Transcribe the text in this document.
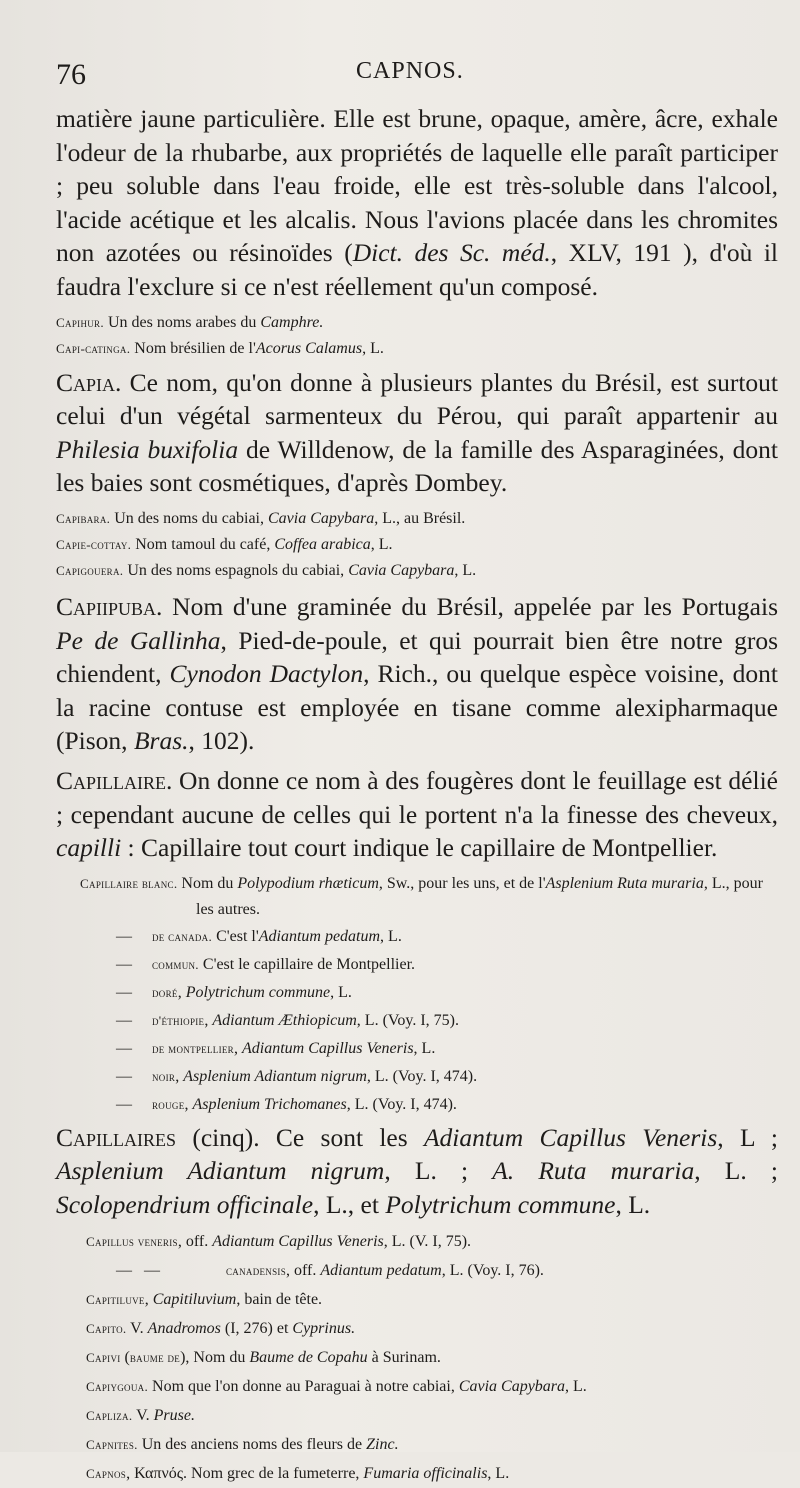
76	CAPNOS.

matière jaune particulière. Elle est brune, opaque, amère, âcre, exhale l'odeur de la rhubarbe, aux propriétés de laquelle elle paraît participer ; peu soluble dans l'eau froide, elle est très-soluble dans l'alcool, l'acide acétique et les alcalis. Nous l'avions placée dans les chromites non azotées ou résinoïdes (Dict. des Sc. méd., XLV, 191 ), d'où il faudra l'exclure si ce n'est réellement qu'un composé.

Capihur. Un des noms arabes du Camphre.

Capi-catinga. Nom brésilien de l'Acorus Calamus, L.

Capia. Ce nom, qu'on donne à plusieurs plantes du Brésil, est surtout celui d'un végétal sarmenteux du Pérou, qui paraît appartenir au Philesia buxifolia de Willdenow, de la famille des Asparaginées, dont les baies sont cosmétiques, d'après Dombey.

Capibara. Un des noms du cabiai, Cavia Capybara, L., au Brésil.

Capie-cottay. Nom tamoul du café, Coffea arabica, L.

Capigouera. Un des noms espagnols du cabiai, Cavia Capybara, L.

Capiipuba. Nom d'une graminée du Brésil, appelée par les Portugais Pe de Gallinha, Pied-de-poule, et qui pourrait bien être notre gros chiendent, Cynodon Dactylon, Rich., ou quelque espèce voisine, dont la racine contuse est employée en tisane comme alexipharmaque (Pison, Bras., 102).

Capillaire. On donne ce nom à des fougères dont le feuillage est délié ; cependant aucune de celles qui le portent n'a la finesse des cheveux, capilli : Capillaire tout court indique le capillaire de Montpellier.

Capillaire blanc. Nom du Polypodium rhæticum, Sw., pour les uns, et de l'Asplenium Ruta muraria, L., pour les autres.

— de canada. C'est l'Adiantum pedatum, L.

— commun. C'est le capillaire de Montpellier.

— doré, Polytrichum commune, L.

— d'éthiopie, Adiantum Æthiopicum, L. (Voy. I, 75).

— de montpellier, Adiantum Capillus Veneris, L.

— noir, Asplenium Adiantum nigrum, L. (Voy. I, 474).

— rouge, Asplenium Trichomanes, L. (Voy. I, 474).

Capillaires (cinq). Ce sont les Adiantum Capillus Veneris, L ; Asplenium Adiantum nigrum, L. ; A. Ruta muraria, L. ; Scolopendrium officinale, L., et Polytrichum commune, L.

Capillus veneris, off. Adiantum Capillus Veneris, L. (V. I, 75).

—   —	canadensis, off. Adiantum pedatum, L. (Voy. I, 76).

Capitiluve, Capitiluvium, bain de tête.

Capito. V. Anadromos (I, 276) et Cyprinus.

Capivi (baume de), Nom du Baume de Copahu à Surinam.

Capiygoua. Nom que l'on donne au Paraguai à notre cabiai, Cavia Capybara, L.

Capliza. V. Pruse.

Capnites. Un des anciens noms des fleurs de Zinc.

Capnos, Καπνός. Nom grec de la fumeterre, Fumaria officinalis, L.
